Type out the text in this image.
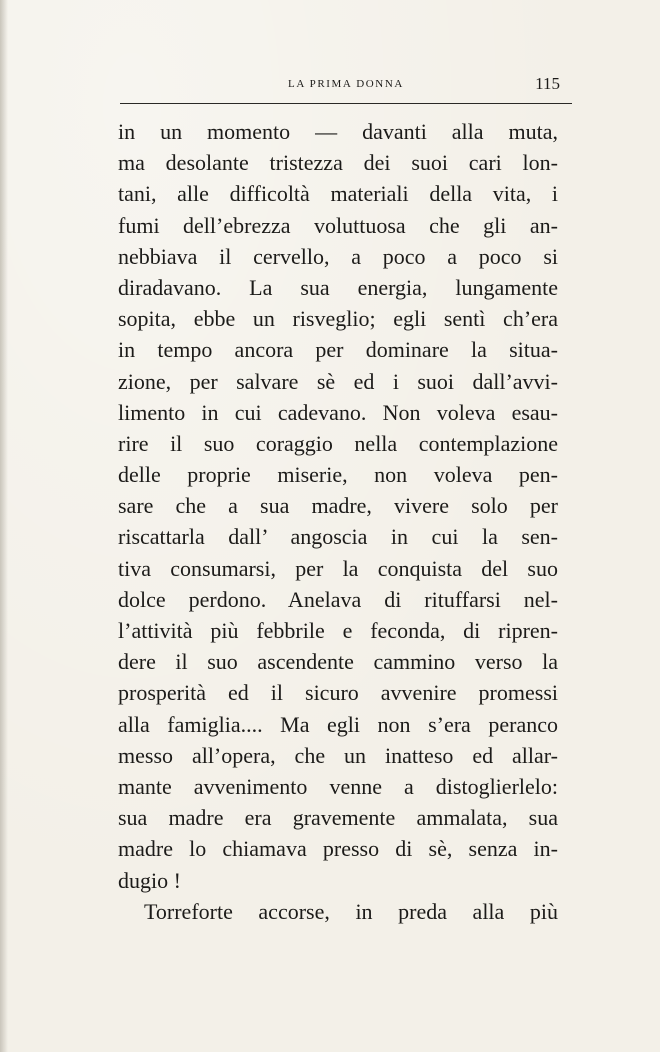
LA PRIMA DONNA	115
in un momento — davanti alla muta,
ma desolante tristezza dei suoi cari lon-
tani, alle difficoltà materiali della vita, i
fumi dell’ebrezza voluttuosa che gli an-
nebbiava il cervello, a poco a poco si
diradavano. La sua energia, lungamente
sopita, ebbe un risveglio; egli sentì ch’era
in tempo ancora per dominare la situa-
zione, per salvare sè ed i suoi dall’avvi-
limento in cui cadevano. Non voleva esau-
rire il suo coraggio nella contemplazione
delle proprie miserie, non voleva pen-
sare che a sua madre, vivere solo per
riscattarla dall’ angoscia in cui la sen-
tiva consumarsi, per la conquista del suo
dolce perdono. Anelava di rituffarsi nel-
l’attività più febbrile e feconda, di ripren-
dere il suo ascendente cammino verso la
prosperità ed il sicuro avvenire promessi
alla famiglia.... Ma egli non s’era peranco
messo all’opera, che un inatteso ed allar-
mante avvenimento venne a distoglierlelo:
sua madre era gravemente ammalata, sua
madre lo chiamava presso di sè, senza in-
dugio !
Torreforte accorse, in preda alla più
